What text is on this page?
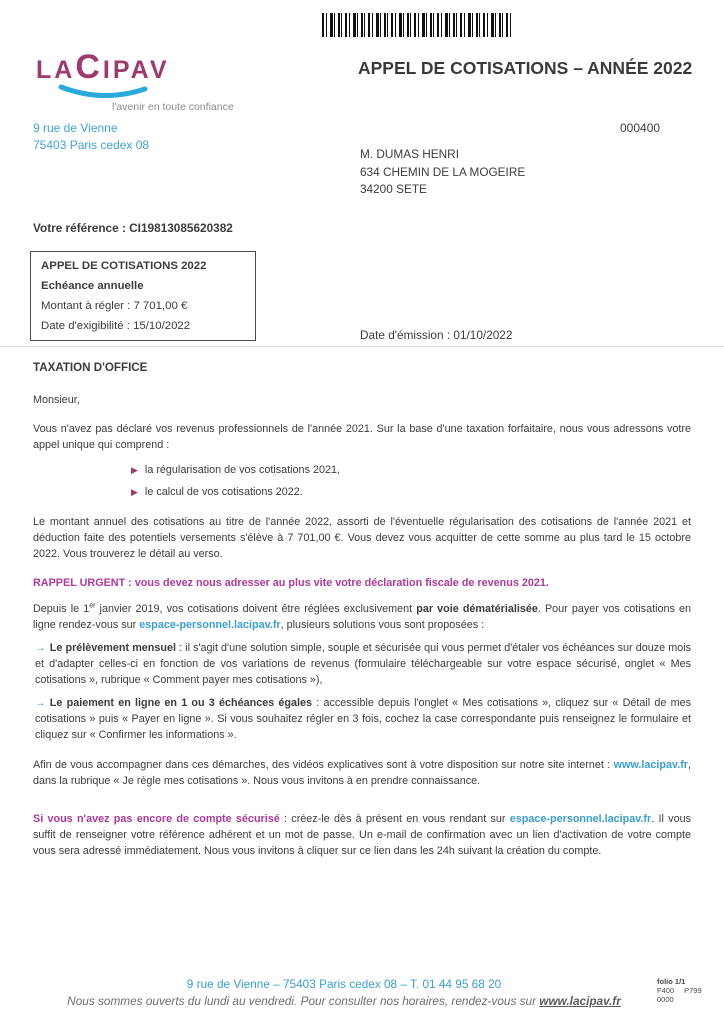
LACIPAV
l'avenir en toute confiance
9 rue de Vienne
75403 Paris cedex 08
APPEL DE COTISATIONS – ANNÉE 2022
000400
M. DUMAS HENRI
634 CHEMIN DE LA MOGEIRE
34200 SETE
Votre référence : CI19813085620382

APPEL DE COTISATIONS 2022

Echéance annuelle

Montant à régler : 7 701,00 €

Date d'exigibilité : 15/10/2022

Date d'émission : 01/10/2022

TAXATION D'OFFICE

Monsieur,

Vous n'avez pas déclaré vos revenus professionnels de l'année 2021. Sur la base d'une taxation forfaitaire, nous vous adressons votre appel unique qui comprend :

▶ la régularisation de vos cotisations 2021,

▶ le calcul de vos cotisations 2022.

Le montant annuel des cotisations au titre de l'année 2022, assorti de l'éventuelle régularisation des cotisations de l'année 2021 et déduction faite des potentiels versements s'élève à 7 701,00 €. Vous devez vous acquitter de cette somme au plus tard le 15 octobre 2022. Vous trouverez le détail au verso.

RAPPEL URGENT : vous devez nous adresser au plus vite votre déclaration fiscale de revenus 2021.

Depuis le 1er janvier 2019, vos cotisations doivent être réglées exclusivement par voie dématérialisée. Pour payer vos cotisations en ligne rendez-vous sur espace-personnel.lacipav.fr, plusieurs solutions vous sont proposées :

→ Le prélèvement mensuel : il s'agit d'une solution simple, souple et sécurisée qui vous permet d'étaler vos échéances sur douze mois et d'adapter celles-ci en fonction de vos variations de revenus (formulaire téléchargeable sur votre espace sécurisé, onglet « Mes cotisations », rubrique « Comment payer mes cotisations »),
→ Le paiement en ligne en 1 ou 3 échéances égales : accessible depuis l'onglet « Mes cotisations », cliquez sur « Détail de mes cotisations » puis « Payer en ligne ». Si vous souhaitez régler en 3 fois, cochez la case correspondante puis renseignez le formulaire et cliquez sur « Confirmer les informations ».

Afin de vous accompagner dans ces démarches, des vidéos explicatives sont à votre disposition sur notre site internet : www.lacipav.fr, dans la rubrique « Je règle mes cotisations ». Nous vous invitons à en prendre connaissance.

Si vous n'avez pas encore de compte sécurisé : créez-le dès à présent en vous rendant sur espace-personnel.lacipav.fr. Il vous suffit de renseigner votre référence adhérent et un mot de passe. Un e-mail de confirmation avec un lien d'activation de votre compte vous sera adressé immédiatement. Nous vous invitons à cliquer sur ce lien dans les 24h suivant la création du compte.

9 rue de Vienne – 75403 Paris cedex 08 – T. 01 44 95 68 20
Nous sommes ouverts du lundi au vendredi. Pour consulter nos horaires, rendez-vous sur www.lacipav.fr
folio 1/1
F400 P799
0000
